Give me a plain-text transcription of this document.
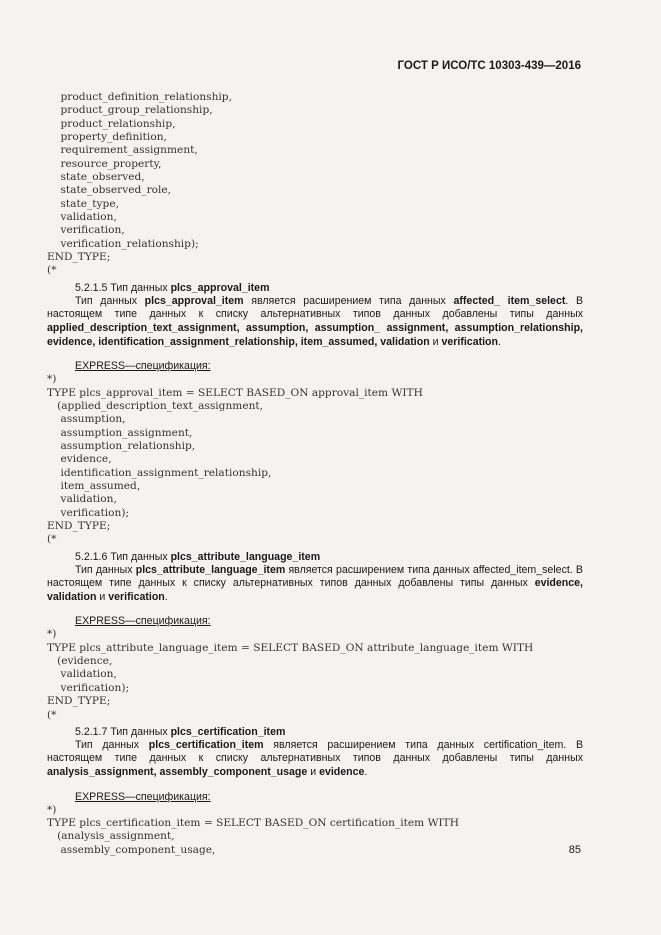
ГОСТ Р ИСО/ТС 10303-439—2016
product_definition_relationship,
product_group_relationship,
product_relationship,
property_definition,
requirement_assignment,
resource_property,
state_observed,
state_observed_role,
state_type,
validation,
verification,
verification_relationship);
END_TYPE;
(*
5.2.1.5 Тип данных plcs_approval_item

Тип данных plcs_approval_item является расширением типа данных affected_ item_select. В настоящем типе данных к списку альтернативных типов данных добавлены типы данных applied_description_text_assignment, assumption, assumption_ assignment, assumption_relationship, evidence, identification_assignment_relationship, item_assumed, validation и verification.

EXPRESS—спецификация:
*)
TYPE plcs_approval_item = SELECT BASED_ON approval_item WITH
(applied_description_text_assignment,
assumption,
assumption_assignment,
assumption_relationship,
evidence,
identification_assignment_relationship,
item_assumed,
validation,
verification);
END_TYPE;
(*
5.2.1.6 Тип данных plcs_attribute_language_item

Тип данных plcs_attribute_language_item является расширением типа данных affected_item_select. В настоящем типе данных к списку альтернативных типов данных добавлены типы данных evidence, validation и verification.

EXPRESS—спецификация:
*)
TYPE plcs_attribute_language_item = SELECT BASED_ON attribute_language_item WITH
(evidence,
validation,
verification);
END_TYPE;
(*
5.2.1.7 Тип данных plcs_certification_item

Тип данных plcs_certification_item является расширением типа данных certification_item. В настоящем типе данных к списку альтернативных типов данных добавлены типы данных analysis_assignment, assembly_component_usage и evidence.

EXPRESS—спецификация:
*)
TYPE plcs_certification_item = SELECT BASED_ON certification_item WITH
(analysis_assignment,
assembly_component_usage,	85
